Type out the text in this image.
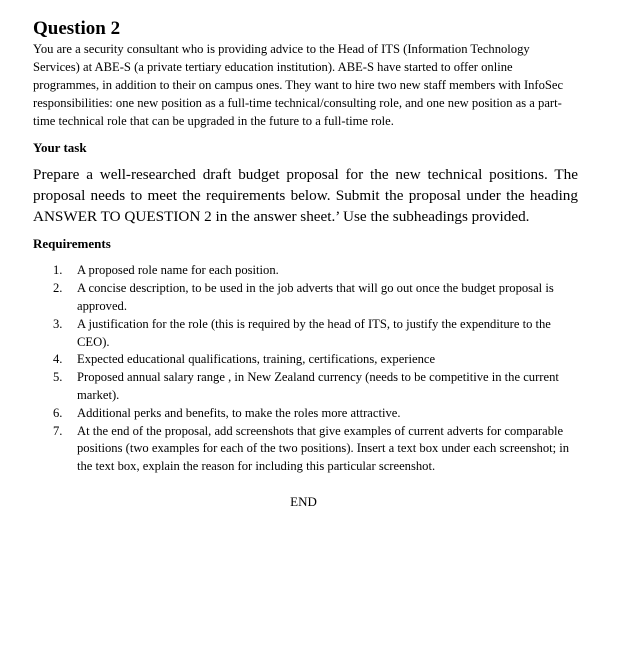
Question 2

You are a security consultant who is providing advice to the Head of ITS (Information Technology Services) at ABE-S (a private tertiary education institution). ABE-S have started to offer online programmes, in addition to their on campus ones. They want to hire two new staff members with InfoSec responsibilities: one new position as a full-time technical/consulting role, and one new position as a part-time technical role that can be upgraded in the future to a full-time role.

Your task

Prepare a well-researched draft budget proposal for the new technical positions. The proposal needs to meet the requirements below. Submit the proposal under the heading ANSWER TO QUESTION 2 in the answer sheet.’ Use the subheadings provided.

Requirements
1. A proposed role name for each position.
2. A concise description, to be used in the job adverts that will go out once the budget proposal is approved.
3. A justification for the role (this is required by the head of ITS, to justify the expenditure to the CEO).
4. Expected educational qualifications, training, certifications, experience
5. Proposed annual salary range , in New Zealand currency (needs to be competitive in the current market).
6. Additional perks and benefits, to make the roles more attractive.
7. At the end of the proposal, add screenshots that give examples of current adverts for comparable positions (two examples for each of the two positions). Insert a text box under each screenshot; in the text box, explain the reason for including this particular screenshot.
END
